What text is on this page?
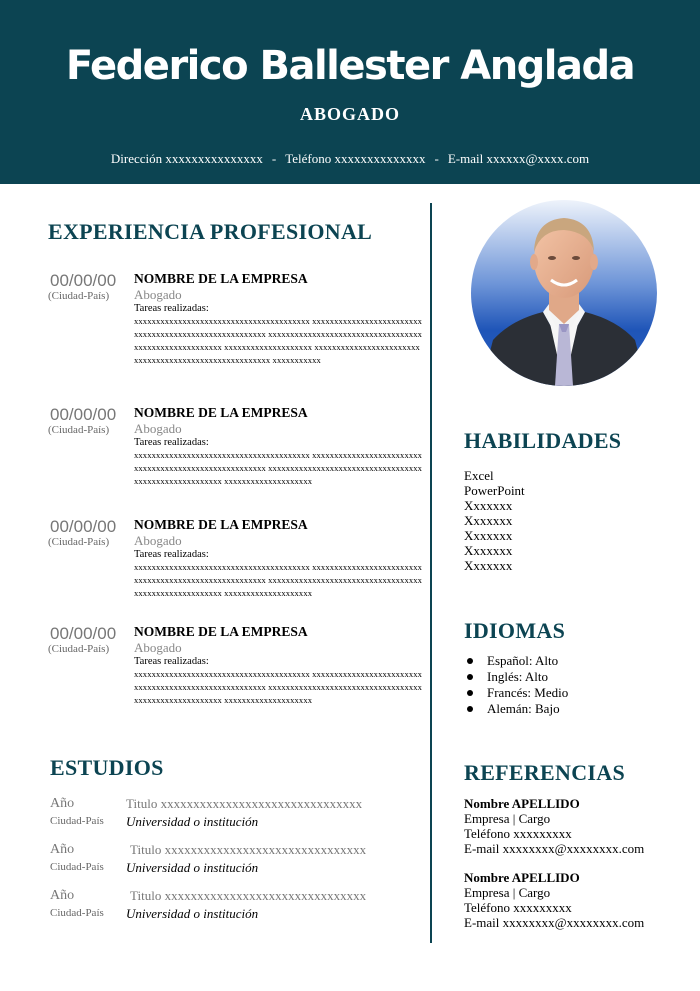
Federico Ballester Anglada
ABOGADO
Dirección xxxxxxxxxxxxxxx - Teléfono xxxxxxxxxxxxxx - E-mail xxxxxx@xxxx.com
EXPERIENCIA PROFESIONAL
00/00/00
(Ciudad-País)
NOMBRE DE LA EMPRESA
Abogado
Tareas realizadas:
xxxxxxxxxxxxxxxxxxxxxxxxxxxxxxxxxxxxxxxx xxxxxxxxxxxxxxxxxxxxxxxxxxxxxxxxxxxxxxxxxxxxxxxxxxxxxxx xxxxxxxxxxxxxxxxxxxxxxxxxxxxxxxxxxxxxxxxxxxxxxxxxxxxxxx xxxxxxxxxxxxxxxxxxxx xxxxxxxxxxxxxxxxxxxxxxxxxxxxxxxxxxxxxxxxxxxxxxxxxxxxxxx xxxxxxxxxxx
00/00/00
(Ciudad-País)
NOMBRE DE LA EMPRESA
Abogado
Tareas realizadas:
xxxxxxxxxxxxxxxxxxxxxxxxxxxxxxxxxxxxxxxx xxxxxxxxxxxxxxxxxxxxxxxxxxxxxxxxxxxxxxxxxxxxxxxxxxxxxxx xxxxxxxxxxxxxxxxxxxxxxxxxxxxxxxxxxxxxxxxxxxxxxxxxxxxxxx xxxxxxxxxxxxxxxxxxxx
00/00/00
(Ciudad-País)
NOMBRE DE LA EMPRESA
Abogado
Tareas realizadas:
xxxxxxxxxxxxxxxxxxxxxxxxxxxxxxxxxxxxxxxx xxxxxxxxxxxxxxxxxxxxxxxxxxxxxxxxxxxxxxxxxxxxxxxxxxxxxxx xxxxxxxxxxxxxxxxxxxxxxxxxxxxxxxxxxxxxxxxxxxxxxxxxxxxxxx xxxxxxxxxxxxxxxxxxxx
00/00/00
(Ciudad-País)
NOMBRE DE LA EMPRESA
Abogado
Tareas realizadas:
xxxxxxxxxxxxxxxxxxxxxxxxxxxxxxxxxxxxxxxx xxxxxxxxxxxxxxxxxxxxxxxxxxxxxxxxxxxxxxxxxxxxxxxxxxxxxxx xxxxxxxxxxxxxxxxxxxxxxxxxxxxxxxxxxxxxxxxxxxxxxxxxxxxxxx xxxxxxxxxxxxxxxxxxxx
ESTUDIOS
Año
Ciudad-País
Titulo xxxxxxxxxxxxxxxxxxxxxxxxxxxxxxx
Universidad o institución
Año
Ciudad-País
Titulo xxxxxxxxxxxxxxxxxxxxxxxxxxxxxxx
Universidad o institución
Año
Ciudad-País
Titulo xxxxxxxxxxxxxxxxxxxxxxxxxxxxxxx
Universidad o institución
HABILIDADES
Excel
PowerPoint
Xxxxxxx
Xxxxxxx
Xxxxxxx
Xxxxxxx
Xxxxxxx
IDIOMAS
Español: Alto
Inglés: Alto
Francés: Medio
Alemán: Bajo
REFERENCIAS
Nombre APELLIDO
Empresa | Cargo
Teléfono xxxxxxxxx
E-mail xxxxxxxx@xxxxxxxx.com
Nombre APELLIDO
Empresa | Cargo
Teléfono xxxxxxxxx
E-mail xxxxxxxx@xxxxxxxx.com
